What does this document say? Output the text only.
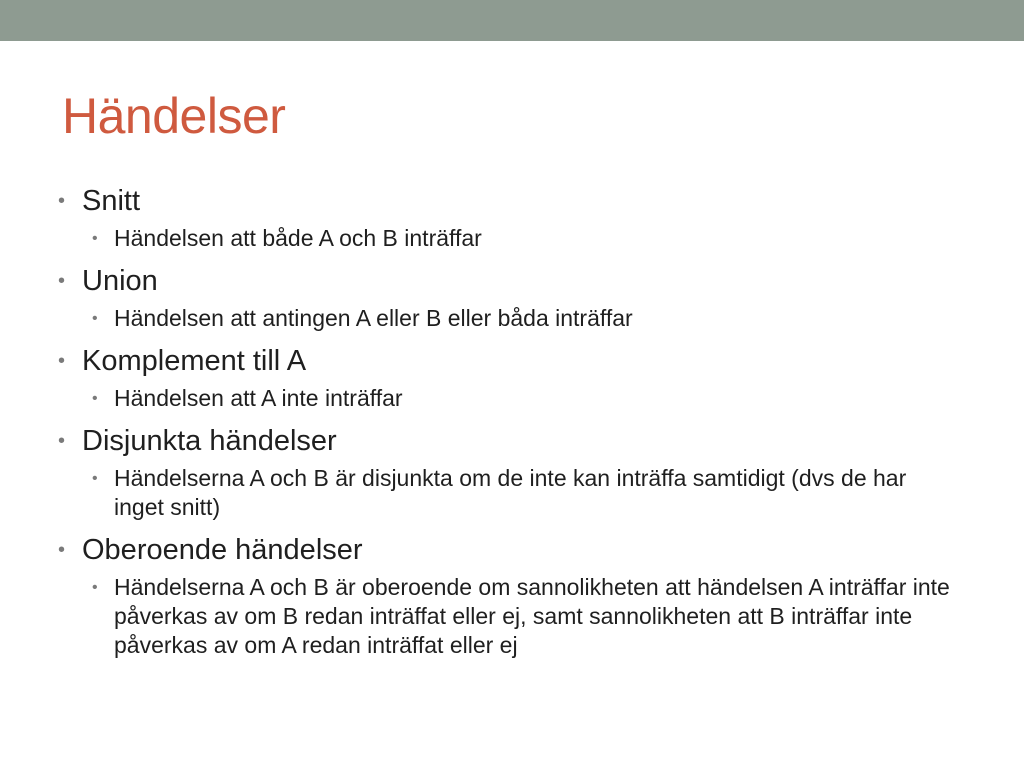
Händelser

• Snitt

• Händelsen att både A och B inträffar

• Union

• Händelsen att antingen A eller B eller båda inträffar

• Komplement till A

• Händelsen att A inte inträffar

• Disjunkta händelser

• Händelserna A och B är disjunkta om de inte kan inträffa samtidigt (dvs de har inget snitt)

• Oberoende händelser

• Händelserna A och B är oberoende om sannolikheten att händelsen A inträffar inte påverkas av om B redan inträffat eller ej, samt sannolikheten att B inträffar inte påverkas av om A redan inträffat eller ej
